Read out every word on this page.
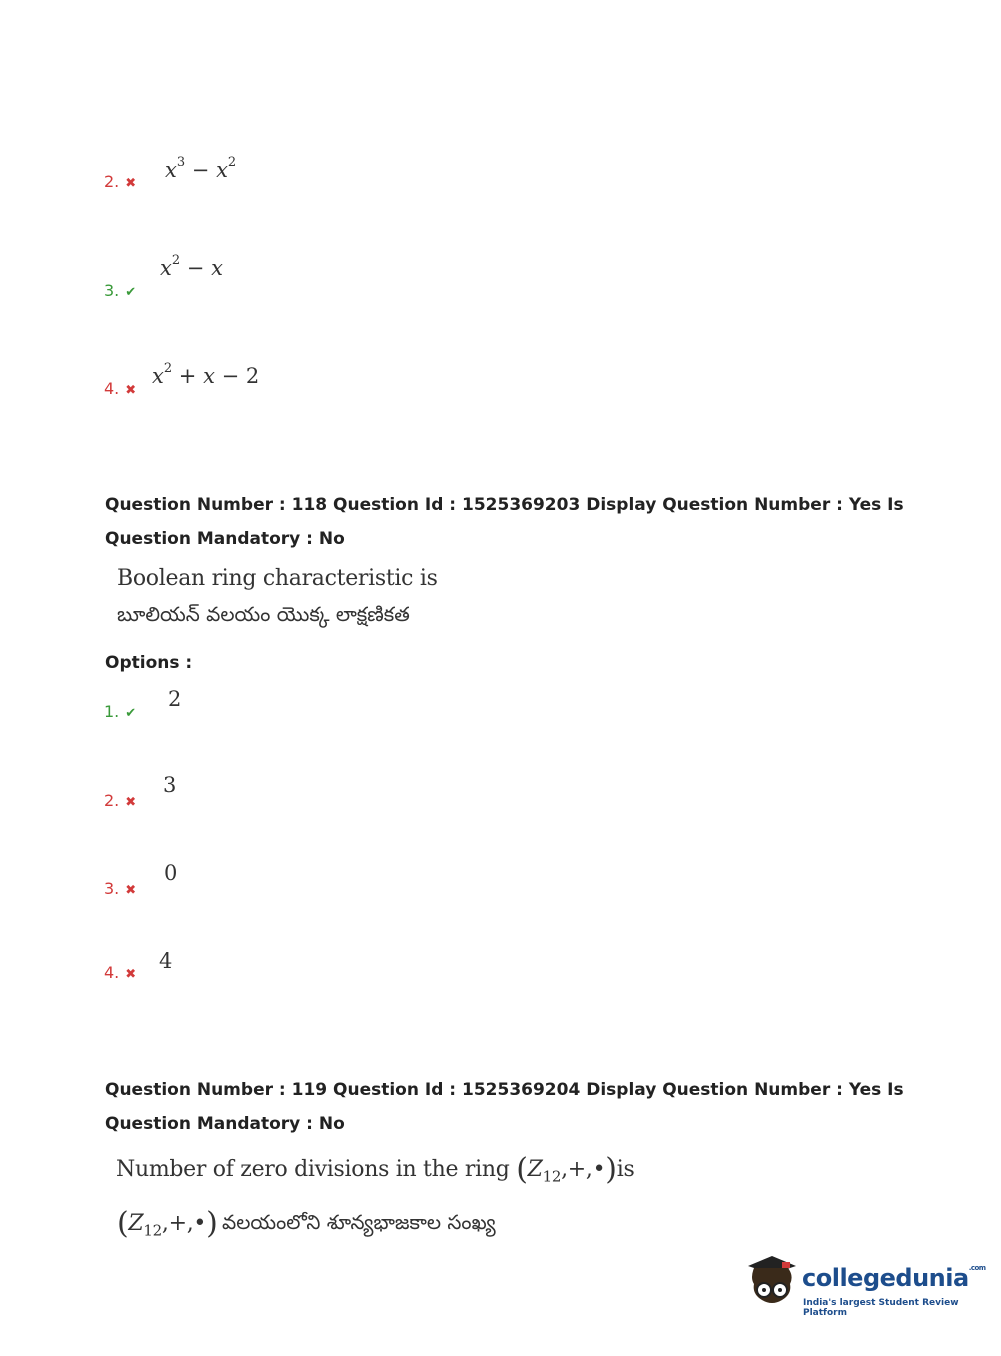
2. ✖
$x^3 - x^2$
3. ✔
$x^2 - x$
4. ✖
$x^2 + x - 2$
Question Number : 118 Question Id : 1525369203 Display Question Number : Yes Is Question Mandatory : No
Boolean ring characteristic is
బూలియన్ వలయం యొక్క లాక్షణికత
Options :
1. ✔
2
2. ✖
3
3. ✖
0
4. ✖
4
Question Number : 119 Question Id : 1525369204 Display Question Number : Yes Is Question Mandatory : No
Number of zero divisions in the ring $(Z_{12},+,•)is$
$(Z_{12},+,•)$ వలయంలోని శూన్యభాజకాల సంఖ్య
collegedunia$^{.com}$
India's largest Student Review Platform
